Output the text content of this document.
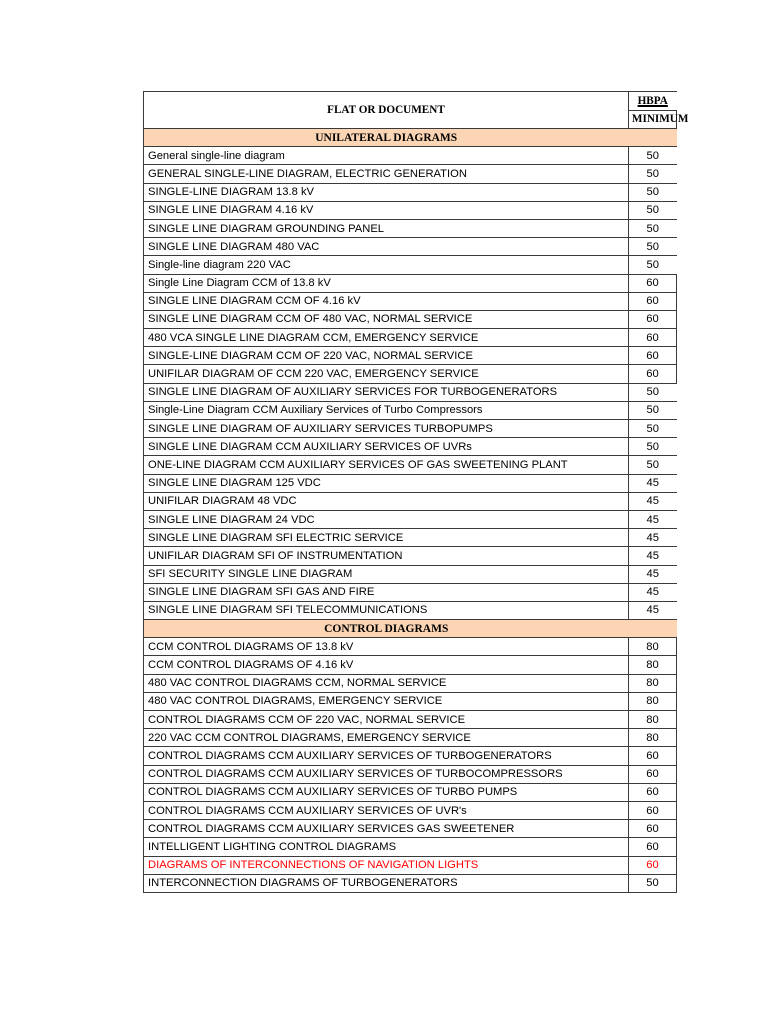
FLAT OR DOCUMENT	HBPA
	MINIMUM
UNILATERAL DIAGRAMS	
General single-line diagram	50
GENERAL SINGLE-LINE DIAGRAM, ELECTRIC GENERATION	50
SINGLE-LINE DIAGRAM 13.8 kV	50
SINGLE LINE DIAGRAM 4.16 kV	50
SINGLE LINE DIAGRAM GROUNDING PANEL	50
SINGLE LINE DIAGRAM 480 VAC	50
Single-line diagram 220 VAC	50
Single Line Diagram CCM of 13.8 kV	60
SINGLE LINE DIAGRAM CCM OF 4.16 kV	60
SINGLE LINE DIAGRAM CCM OF 480 VAC, NORMAL SERVICE	60
480 VCA SINGLE LINE DIAGRAM CCM, EMERGENCY SERVICE	60
SINGLE-LINE DIAGRAM CCM OF 220 VAC, NORMAL SERVICE	60
UNIFILAR DIAGRAM OF CCM 220 VAC, EMERGENCY SERVICE	60
SINGLE LINE DIAGRAM OF AUXILIARY SERVICES FOR TURBOGENERATORS	50
Single-Line Diagram CCM Auxiliary Services of Turbo Compressors	50
SINGLE LINE DIAGRAM OF AUXILIARY SERVICES TURBOPUMPS	50
SINGLE LINE DIAGRAM CCM AUXILIARY SERVICES OF UVRs	50
ONE-LINE DIAGRAM CCM AUXILIARY SERVICES OF GAS SWEETENING PLANT	50
SINGLE LINE DIAGRAM 125 VDC	45
UNIFILAR DIAGRAM 48 VDC	45
SINGLE LINE DIAGRAM 24 VDC	45
SINGLE LINE DIAGRAM SFI ELECTRIC SERVICE	45
UNIFILAR DIAGRAM SFI OF INSTRUMENTATION	45
SFI SECURITY SINGLE LINE DIAGRAM	45
SINGLE LINE DIAGRAM SFI GAS AND FIRE	45
SINGLE LINE DIAGRAM SFI TELECOMMUNICATIONS	45
CONTROL DIAGRAMS	
CCM CONTROL DIAGRAMS OF 13.8 kV	80
CCM CONTROL DIAGRAMS OF 4.16 kV	80
480 VAC CONTROL DIAGRAMS CCM, NORMAL SERVICE	80
480 VAC CONTROL DIAGRAMS, EMERGENCY SERVICE	80
CONTROL DIAGRAMS CCM OF 220 VAC, NORMAL SERVICE	80
220 VAC CCM CONTROL DIAGRAMS, EMERGENCY SERVICE	80
CONTROL DIAGRAMS CCM AUXILIARY SERVICES OF TURBOGENERATORS	60
CONTROL DIAGRAMS CCM AUXILIARY SERVICES OF TURBOCOMPRESSORS	60
CONTROL DIAGRAMS CCM AUXILIARY SERVICES OF TURBO PUMPS	60
CONTROL DIAGRAMS CCM AUXILIARY SERVICES OF UVR's	60
CONTROL DIAGRAMS CCM AUXILIARY SERVICES GAS SWEETENER	60
INTELLIGENT LIGHTING CONTROL DIAGRAMS	60
DIAGRAMS OF INTERCONNECTIONS OF NAVIGATION LIGHTS	60
INTERCONNECTION DIAGRAMS OF TURBOGENERATORS	50
